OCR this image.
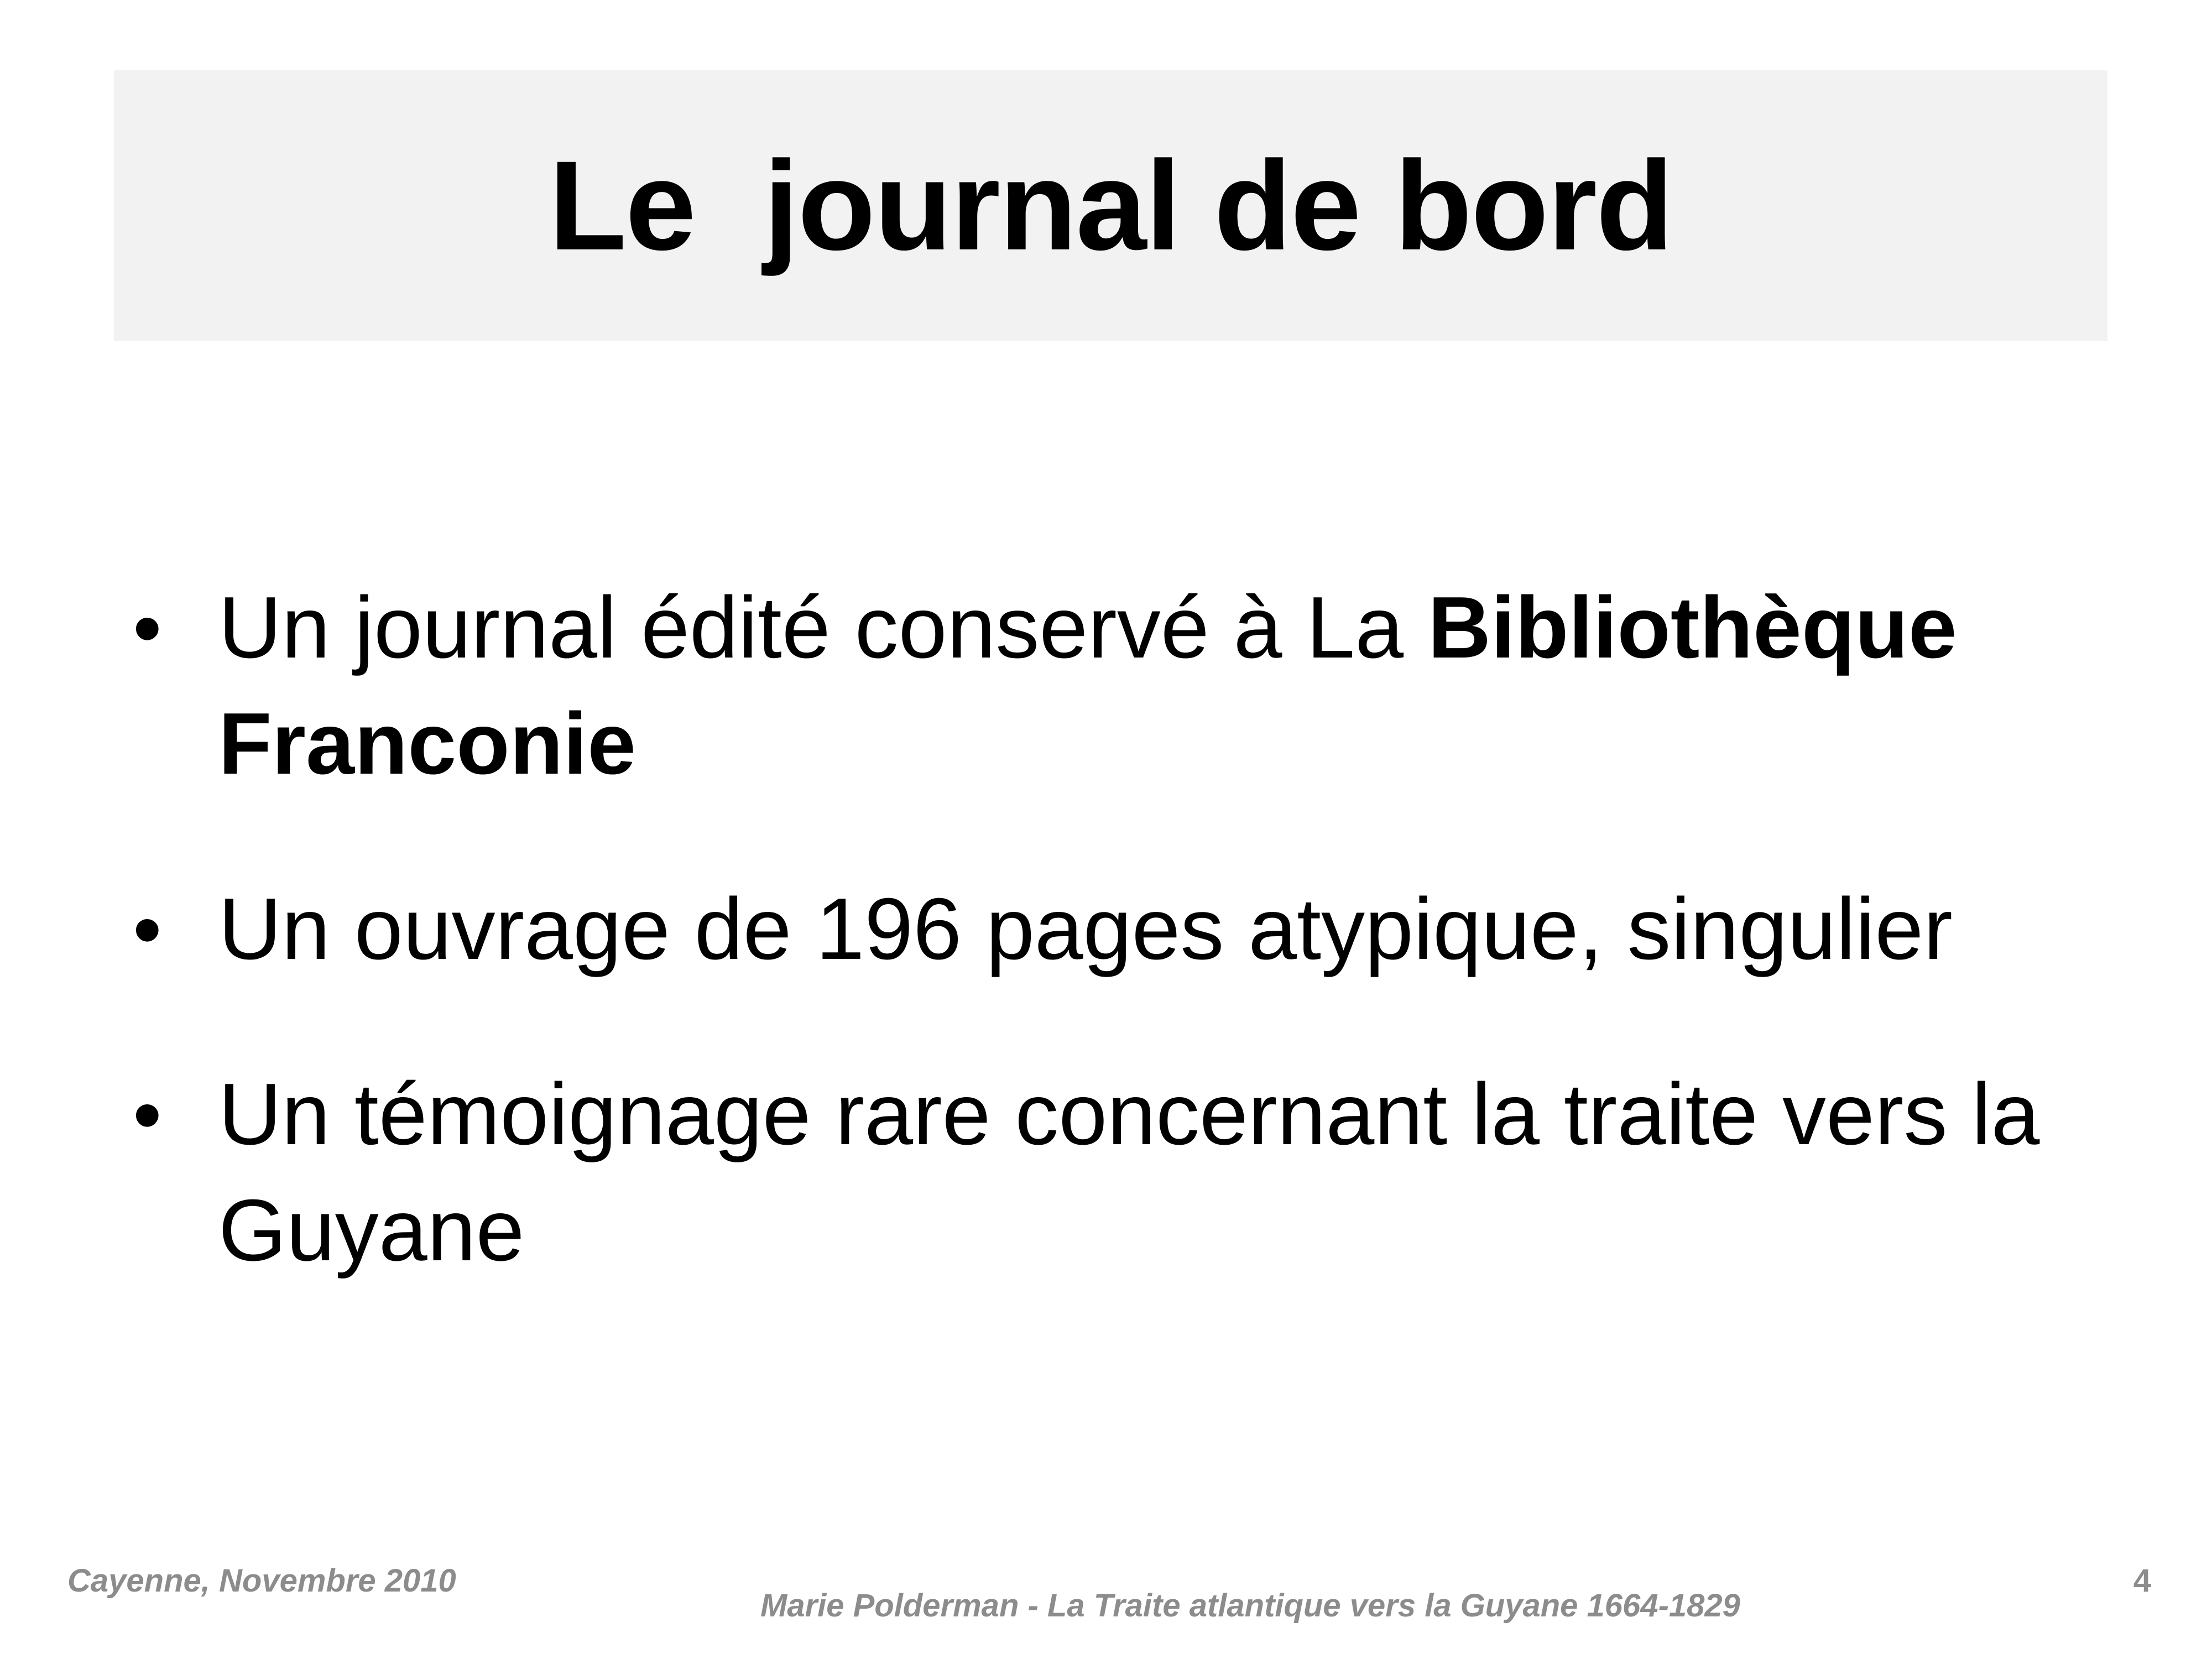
Le  journal de bord
• Un journal édité conservé à La Bibliothèque Franconie
• Un ouvrage de 196 pages atypique, singulier
• Un témoignage rare concernant la traite vers la Guyane
Cayenne, Novembre 2010
Marie Polderman - La Traite atlantique vers la Guyane 1664-1829
4
